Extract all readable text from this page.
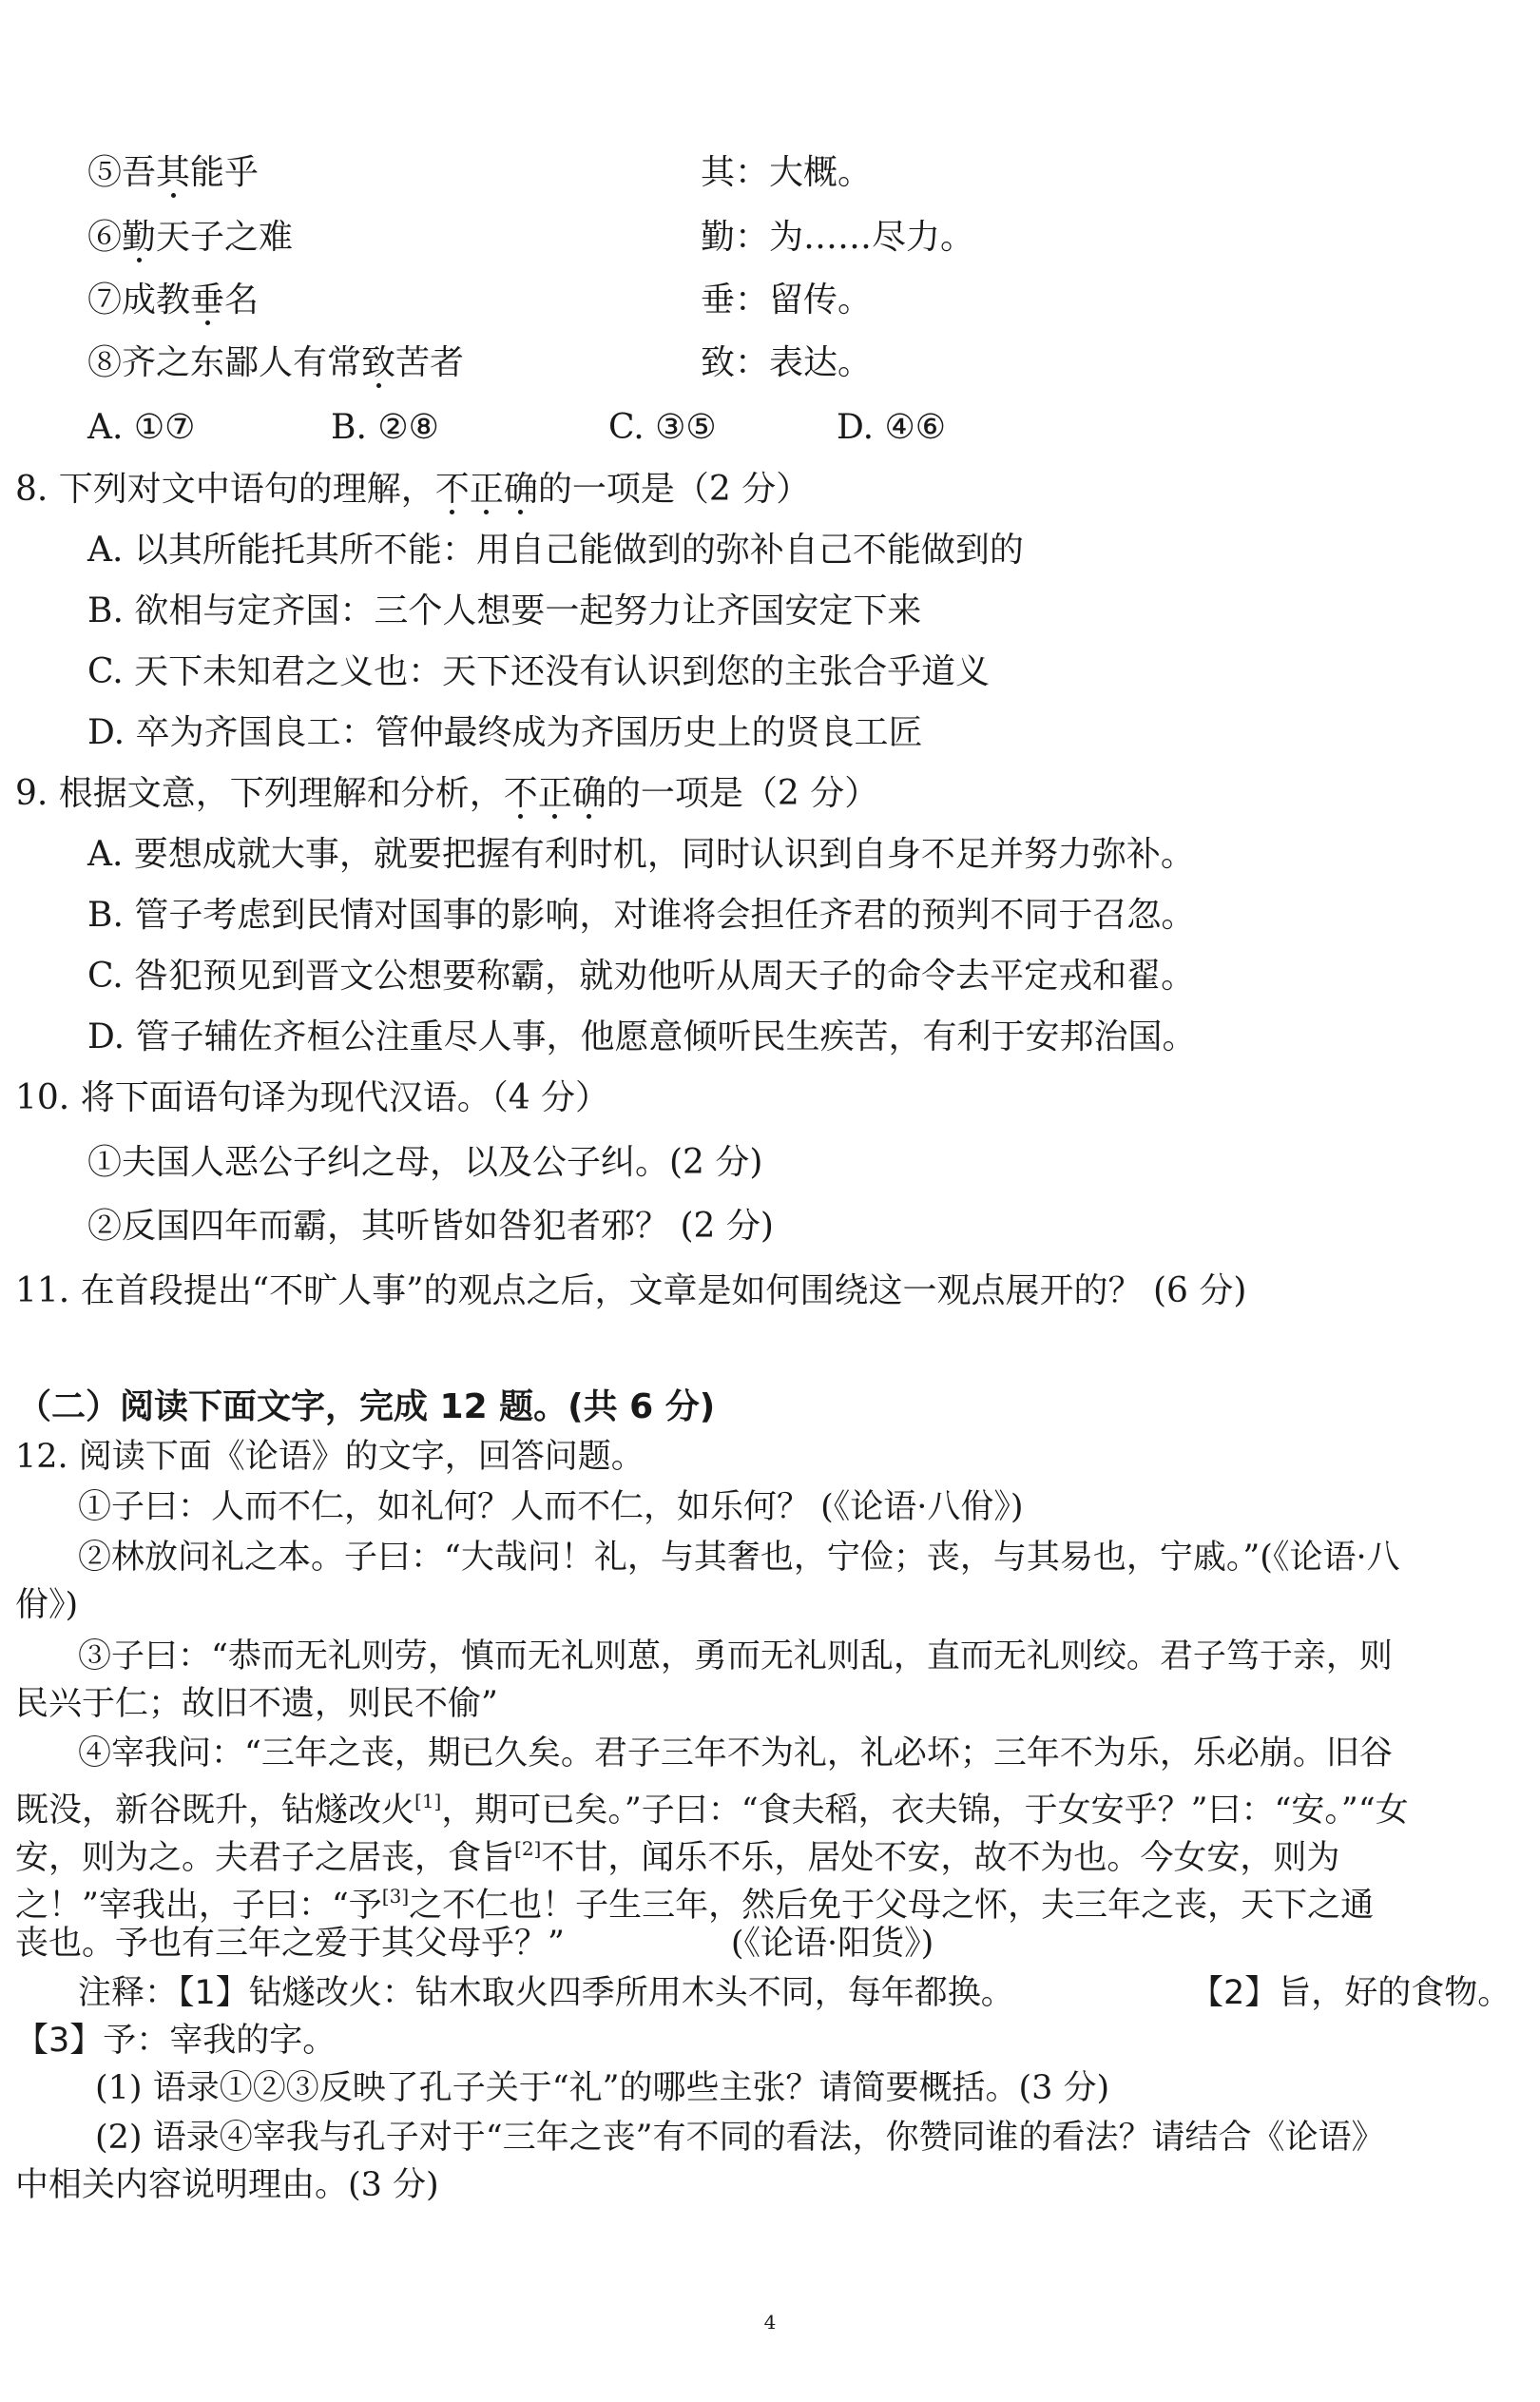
⑤吾其能乎	其：大概。
⑥勤天子之难	勤：为……尽力。
⑦成教垂名	垂：留传。
⑧齐之东鄙人有常致苦者	致：表达。
A. ①⑦	B. ②⑧	C. ③⑤	D. ④⑥
8. 下列对文中语句的理解，不正确的一项是（2 分）
A. 以其所能托其所不能：用自己能做到的弥补自己不能做到的
B. 欲相与定齐国：三个人想要一起努力让齐国安定下来
C. 天下未知君之义也：天下还没有认识到您的主张合乎道义
D. 卒为齐国良工：管仲最终成为齐国历史上的贤良工匠
9. 根据文意，下列理解和分析，不正确的一项是（2 分）
A. 要想成就大事，就要把握有利时机，同时认识到自身不足并努力弥补。
B. 管子考虑到民情对国事的影响，对谁将会担任齐君的预判不同于召忽。
C. 咎犯预见到晋文公想要称霸，就劝他听从周天子的命令去平定戎和翟。
D. 管子辅佐齐桓公注重尽人事，他愿意倾听民生疾苦，有利于安邦治国。
10. 将下面语句译为现代汉语。（4 分）
①夫国人恶公子纠之母，以及公子纠。(2 分)
②反国四年而霸，其听皆如咎犯者邪？ (2 分)
11. 在首段提出“不旷人事”的观点之后，文章是如何围绕这一观点展开的？ (6 分)
（二）阅读下面文字，完成 12 题。(共 6 分)
12. 阅读下面《论语》的文字，回答问题。
①子曰：人而不仁，如礼何？人而不仁，如乐何？ (《论语·八佾》)
②林放问礼之本。子曰：“大哉问！礼，与其奢也，宁俭；丧，与其易也，宁戚。”(《论语·八
佾》)
③子曰：“恭而无礼则劳，慎而无礼则葸，勇而无礼则乱，直而无礼则绞。君子笃于亲，则
民兴于仁；故旧不遗，则民不偷”
④宰我问：“三年之丧，期已久矣。君子三年不为礼，礼必坏；三年不为乐，乐必崩。旧谷
既没，新谷既升，钻燧改火[1]，期可已矣。”子曰：“食夫稻，衣夫锦，于女安乎？”曰：“安。”“女
安，则为之。夫君子之居丧，食旨[2]不甘，闻乐不乐，居处不安，故不为也。今女安，则为
之！”宰我出，子曰：“予[3]之不仁也！子生三年，然后免于父母之怀，夫三年之丧，天下之通
丧也。予也有三年之爱于其父母乎？”　　　　　(《论语·阳货》)
注释：【1】钻燧改火：钻木取火四季所用木头不同，每年都换。	【2】旨，好的食物。
【3】予：宰我的字。
(1) 语录①②③反映了孔子关于“礼”的哪些主张？请简要概括。(3 分)
(2) 语录④宰我与孔子对于“三年之丧”有不同的看法，你赞同谁的看法？请结合《论语》
中相关内容说明理由。(3 分)
4
